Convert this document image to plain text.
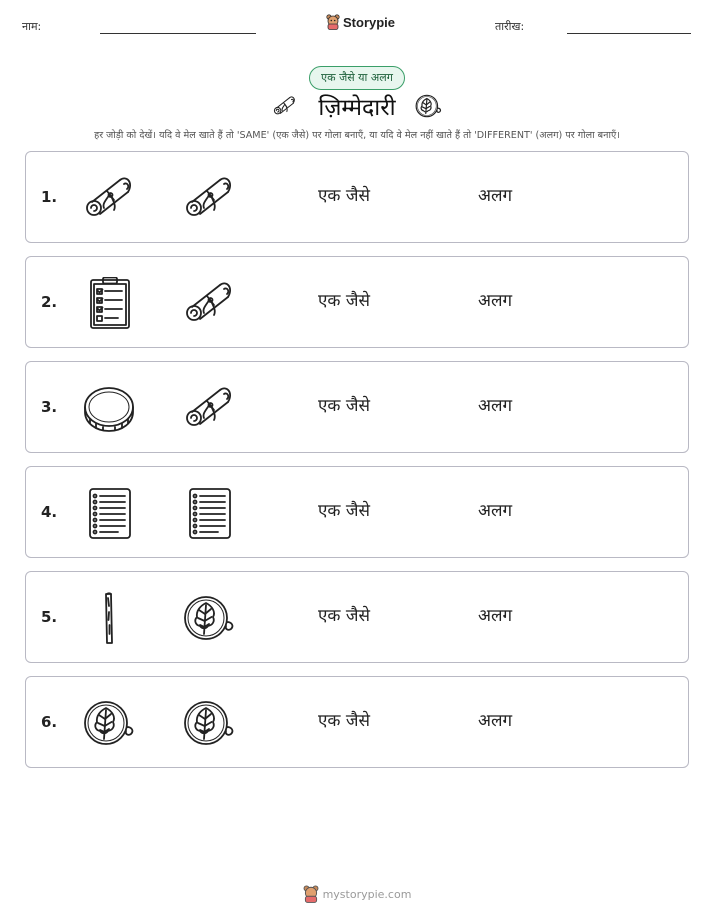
नाम:	Storypie	तारीख:
एक जैसे या अलग
ज़िम्मेदारी
हर जोड़ी को देखें। यदि वे मेल खाते हैं तो 'SAME' (एक जैसे) पर गोला बनाएँ, या यदि वे मेल नहीं खाते हैं तो 'DIFFERENT' (अलग) पर गोला बनाएँ।
1.	एक जैसे	अलग
2.	एक जैसे	अलग
3.	एक जैसे	अलग
4.	एक जैसे	अलग
5.	एक जैसे	अलग
6.	एक जैसे	अलग
mystorypie.com
